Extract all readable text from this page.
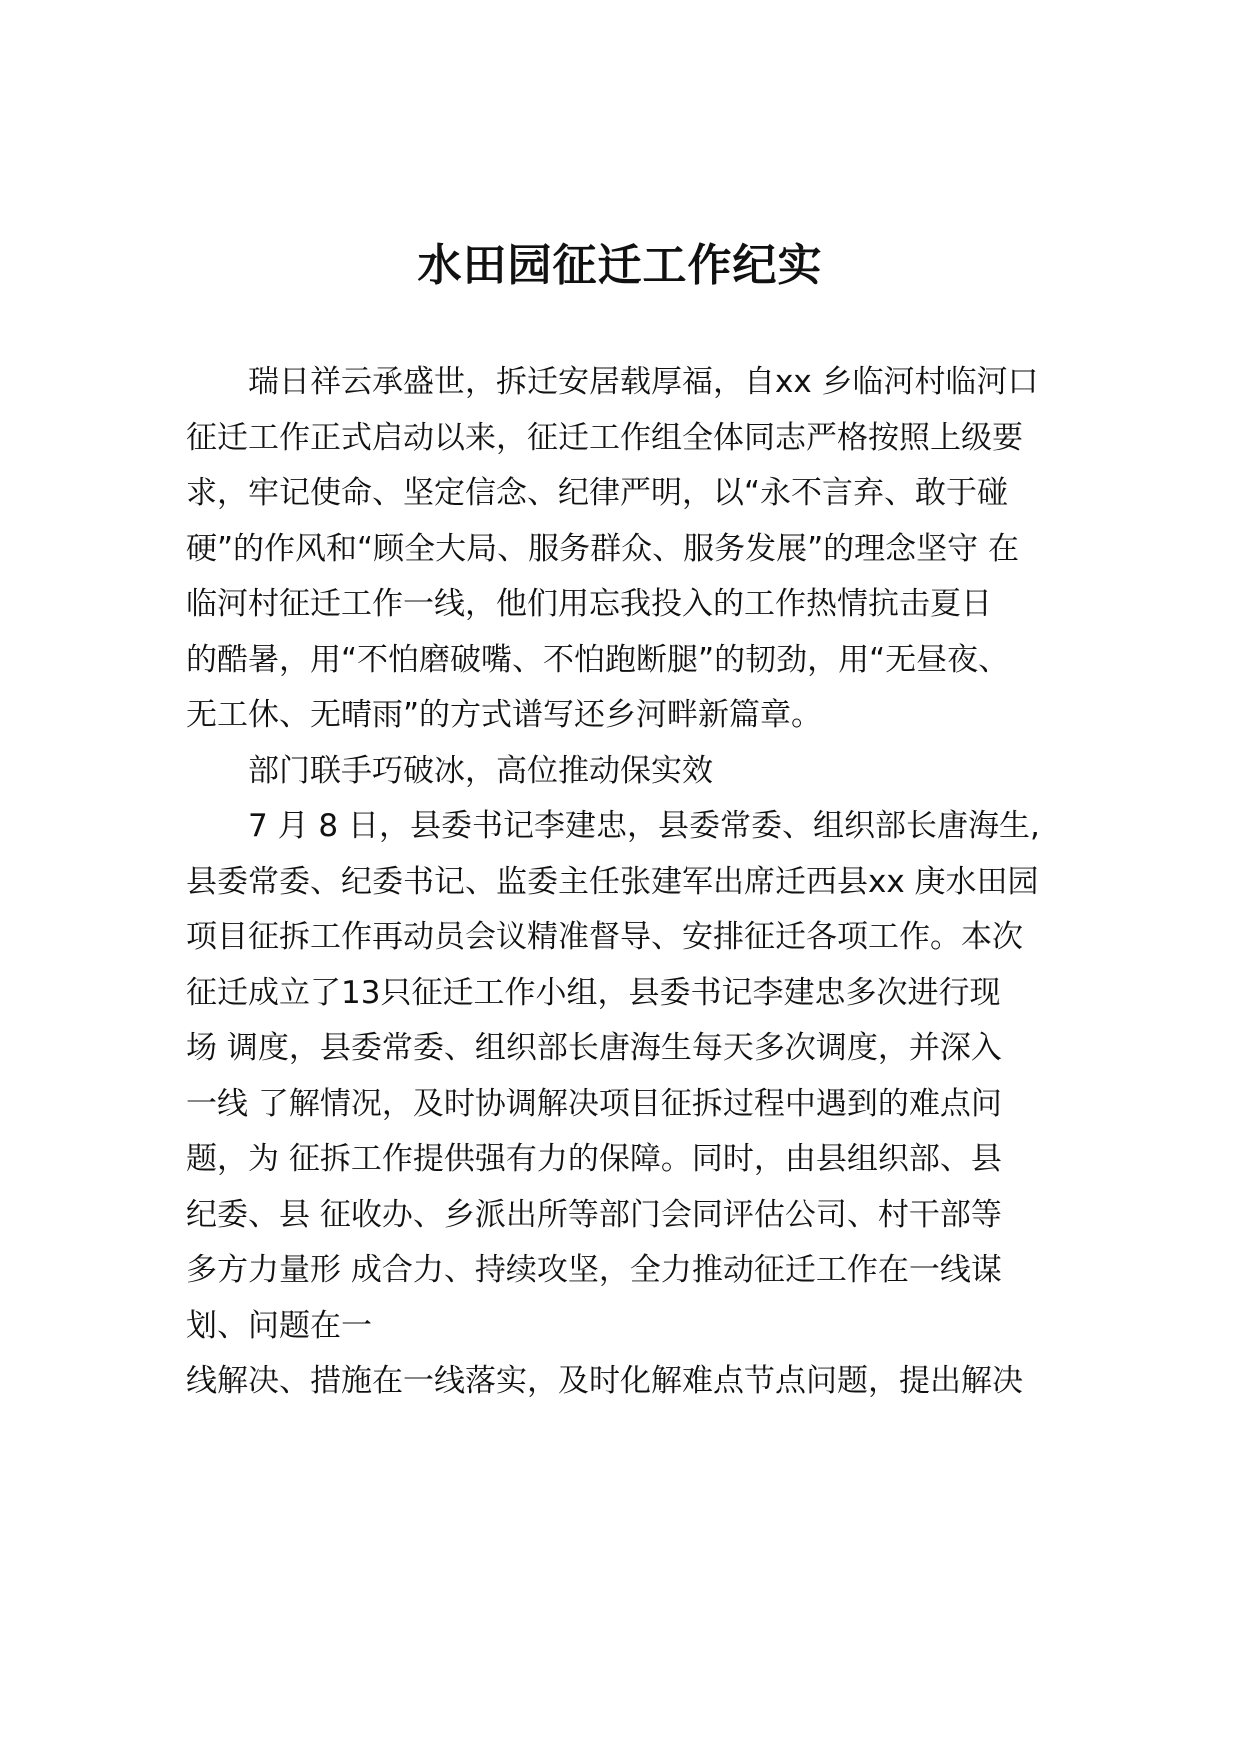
水田园征迁工作纪实
瑞日祥云承盛世，拆迁安居载厚福，自xx 乡临河村临河口
征迁工作正式启动以来，征迁工作组全体同志严格按照上级要
求，牢记使命、坚定信念、纪律严明，以“永不言弃、敢于碰
硬”的作风和“顾全大局、服务群众、服务发展”的理念坚守 在
临河村征迁工作一线，他们用忘我投入的工作热情抗击夏日
的酷暑，用“不怕磨破嘴、不怕跑断腿”的韧劲，用“无昼夜、
无工休、无晴雨”的方式谱写还乡河畔新篇章。
部门联手巧破冰，高位推动保实效
7 月 8 日，县委书记李建忠，县委常委、组织部长唐海生,
县委常委、纪委书记、监委主任张建军出席迁西县xx 庚水田园
项目征拆工作再动员会议精准督导、安排征迁各项工作。本次
征迁成立了13只征迁工作小组，县委书记李建忠多次进行现
场 调度，县委常委、组织部长唐海生每天多次调度，并深入
一线 了解情况，及时协调解决项目征拆过程中遇到的难点问
题，为 征拆工作提供强有力的保障。同时，由县组织部、县
纪委、县 征收办、乡派出所等部门会同评估公司、村干部等
多方力量形 成合力、持续攻坚，全力推动征迁工作在一线谋
划、问题在一
线解决、措施在一线落实，及时化解难点节点问题，提出解决
